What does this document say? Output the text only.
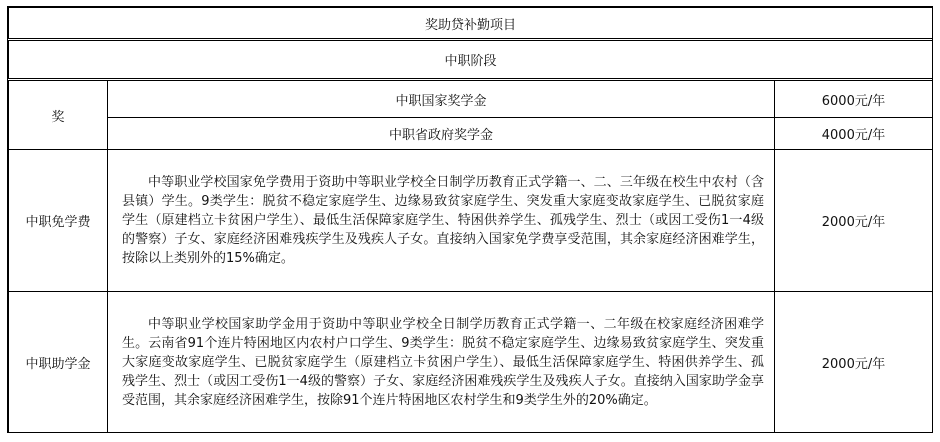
奖助贷补勤项目		
中职阶段		
奖	中职国家奖学金	6000元/年
	中职省政府奖学金	4000元/年
中职免学费	中等职业学校国家免学费用于资助中等职业学校全日制学历教育正式学籍一、二、三年级在校生中农村（含县镇）学生。9类学生：脱贫不稳定家庭学生、边缘易致贫家庭学生、突发重大家庭变故家庭学生、已脱贫家庭学生（原建档立卡贫困户学生）、最低生活保障家庭学生、特困供养学生、孤残学生、烈士（或因工受伤1一4级的警察）子女、家庭经济困难残疾学生及残疾人子女。直接纳入国家免学费享受范围，其余家庭经济困难学生，按除以上类别外的15%确定。	2000元/年
中职助学金	中等职业学校国家助学金用于资助中等职业学校全日制学历教育正式学籍一、二年级在校家庭经济困难学生。云南省91个连片特困地区内农村户口学生、9类学生：脱贫不稳定家庭学生、边缘易致贫家庭学生、突发重大家庭变故家庭学生、已脱贫家庭学生（原建档立卡贫困户学生）、最低生活保障家庭学生、特困供养学生、孤残学生、烈士（或因工受伤1一4级的警察）子女、家庭经济困难残疾学生及残疾人子女。直接纳入国家助学金享受范围，其余家庭经济困难学生，按除91个连片特困地区农村学生和9类学生外的20%确定。	2000元/年
